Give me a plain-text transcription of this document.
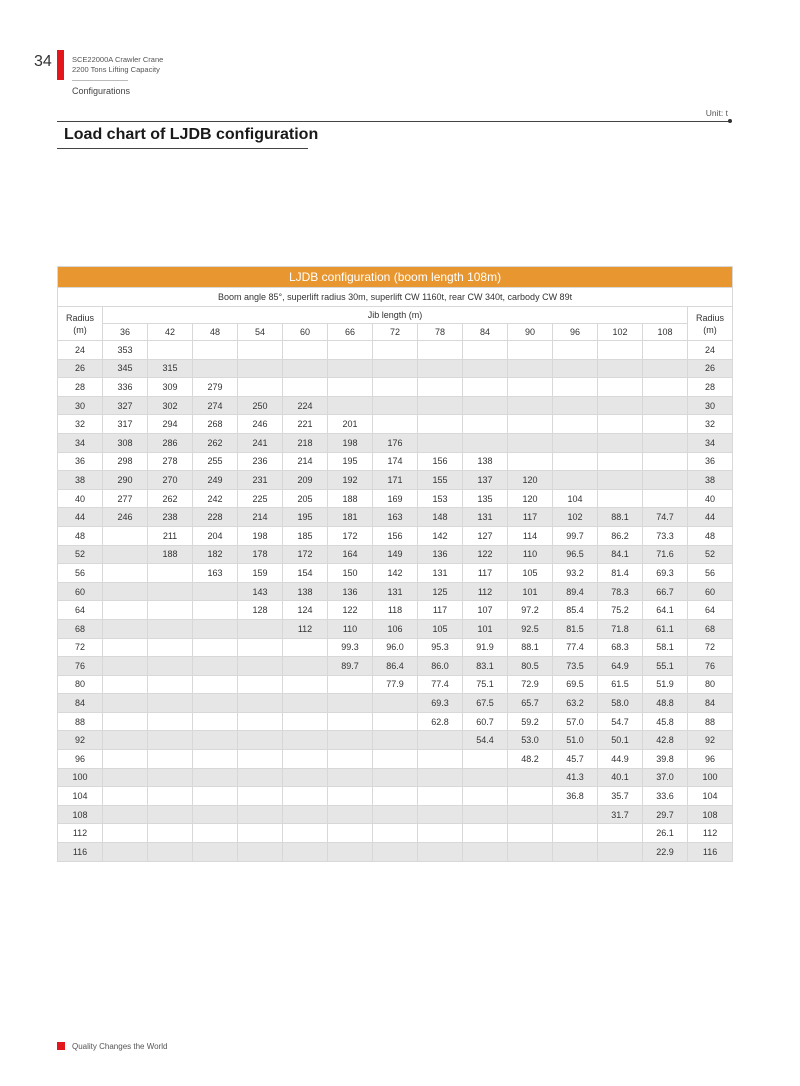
34	SCE22000A Crawler Crane
2200 Tons Lifting Capacity
Configurations
Unit: t
Load chart of LJDB configuration
LJDB configuration (boom length 108m)														
Boom angle 85°, superlift radius 30m, superlift CW 1160t, rear CW 340t, carbody CW 89t														
Radius
(m)	Jib length (m)													Radius
(m)
	36	42	48	54	60	66	72	78	84	90	96	102	108	
24	353													24
26	345	315												26
28	336	309	279											28
30	327	302	274	250	224									30
32	317	294	268	246	221	201								32
34	308	286	262	241	218	198	176							34
36	298	278	255	236	214	195	174	156	138					36
38	290	270	249	231	209	192	171	155	137	120				38
40	277	262	242	225	205	188	169	153	135	120	104			40
44	246	238	228	214	195	181	163	148	131	117	102	88.1	74.7	44
48		211	204	198	185	172	156	142	127	114	99.7	86.2	73.3	48
52		188	182	178	172	164	149	136	122	110	96.5	84.1	71.6	52
56			163	159	154	150	142	131	117	105	93.2	81.4	69.3	56
60				143	138	136	131	125	112	101	89.4	78.3	66.7	60
64				128	124	122	118	117	107	97.2	85.4	75.2	64.1	64
68					112	110	106	105	101	92.5	81.5	71.8	61.1	68
72						99.3	96.0	95.3	91.9	88.1	77.4	68.3	58.1	72
76						89.7	86.4	86.0	83.1	80.5	73.5	64.9	55.1	76
80							77.9	77.4	75.1	72.9	69.5	61.5	51.9	80
84								69.3	67.5	65.7	63.2	58.0	48.8	84
88								62.8	60.7	59.2	57.0	54.7	45.8	88
92									54.4	53.0	51.0	50.1	42.8	92
96										48.2	45.7	44.9	39.8	96
100											41.3	40.1	37.0	100
104											36.8	35.7	33.6	104
108												31.7	29.7	108
112													26.1	112
116													22.9	116
Quality Changes the World
